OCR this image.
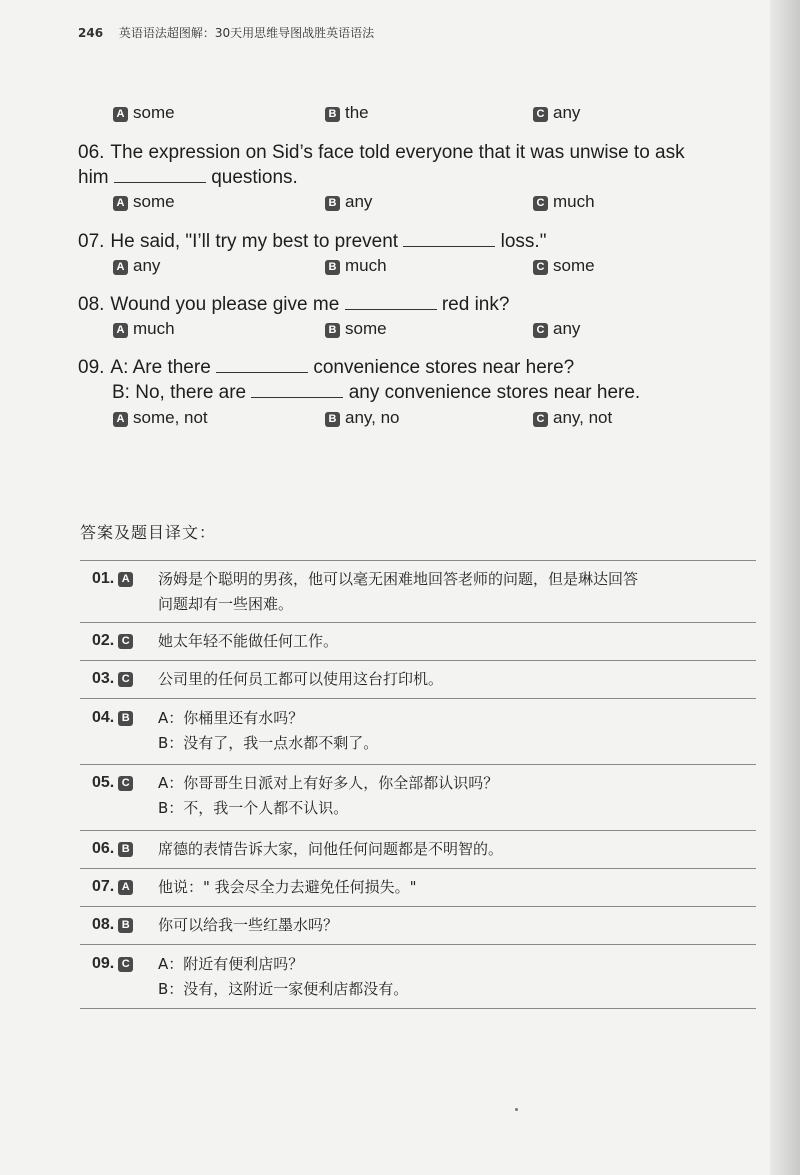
246 英语语法超图解：30天用思维导图战胜英语语法
A some	B the	C any
06. The expression on Sid’s face told everyone that it was unwise to ask
him	questions.
A some	B any	C much
07. He said, "I’ll try my best to prevent	loss."
A any	B much	C some
08. Wound you please give me	red ink?
A much	B some	C any
09. A: Are there	convenience stores near here?
B: No, there are	any convenience stores near here.
A some, not	B any, no	C any, not
答案及题目译文：
01. A	汤姆是个聪明的男孩，他可以毫无困难地回答老师的问题，但是琳达回答
问题却有一些困难。
02. C	她太年轻不能做任何工作。
03. C	公司里的任何员工都可以使用这台打印机。
04. B	A：你桶里还有水吗？
B：没有了，我一点水都不剩了。
05. C	A：你哥哥生日派对上有好多人，你全部都认识吗？
B：不，我一个人都不认识。
06. B	席德的表情告诉大家，问他任何问题都是不明智的。
07. A	他说：" 我会尽全力去避免任何损失。"
08. B	你可以给我一些红墨水吗？
09. C	A：附近有便利店吗？
B：没有，这附近一家便利店都没有。
